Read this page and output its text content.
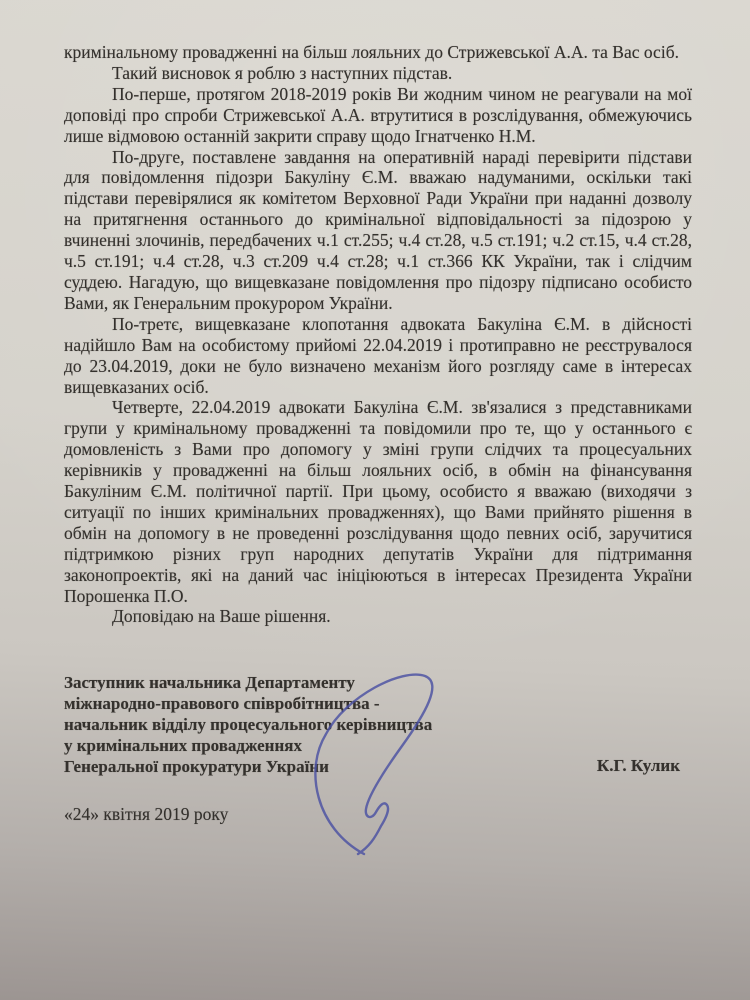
кримінальному провадженні на більш лояльних до Стрижевської А.А. та Вас осіб.

Такий висновок я роблю з наступних підстав.

По-перше, протягом 2018-2019 років Ви жодним чином не реагували на мої доповіді про спроби Стрижевської А.А. втрутитися в розслідування, обмежуючись лише відмовою останній закрити справу щодо Ігнатченко Н.М.

По-друге, поставлене завдання на оперативній нараді перевірити підстави для повідомлення підозри Бакуліну Є.М. вважаю надуманими, оскільки такі підстави перевірялися як комітетом Верховної Ради України при наданні дозволу на притягнення останнього до кримінальної відповідальності за підозрою у вчиненні злочинів, передбачених ч.1 ст.255; ч.4 ст.28, ч.5 ст.191; ч.2 ст.15, ч.4 ст.28, ч.5 ст.191; ч.4 ст.28, ч.3 ст.209 ч.4 ст.28; ч.1 ст.366 КК України, так і слідчим суддею. Нагадую, що вищевказане повідомлення про підозру підписано особисто Вами, як Генеральним прокурором України.

По-третє, вищевказане клопотання адвоката Бакуліна Є.М. в дійсності надійшло Вам на особистому прийомі 22.04.2019 і протиправно не реєструвалося до 23.04.2019, доки не було визначено механізм його розгляду саме в інтересах вищевказаних осіб.

Четверте, 22.04.2019 адвокати Бакуліна Є.М. зв'язалися з представниками групи у кримінальному провадженні та повідомили про те, що у останнього є домовленість з Вами про допомогу у зміні групи слідчих та процесуальних керівників у провадженні на більш лояльних осіб, в обмін на фінансування Бакуліним Є.М. політичної партії. При цьому, особисто я вважаю (виходячи з ситуації по інших кримінальних провадженнях), що Вами прийнято рішення в обмін на допомогу в не проведенні розслідування щодо певних осіб, заручитися підтримкою різних груп народних депутатів України для підтримання законопроектів, які на даний час ініціюються в інтересах Президента України Порошенка П.О.

Доповідаю на Ваше рішення.

Заступник начальника Департаменту
міжнародно-правового співробітництва -
начальник відділу процесуального керівництва
у кримінальних провадженнях
Генеральної прокуратури України	К.Г. Кулик
«24» квітня 2019 року
